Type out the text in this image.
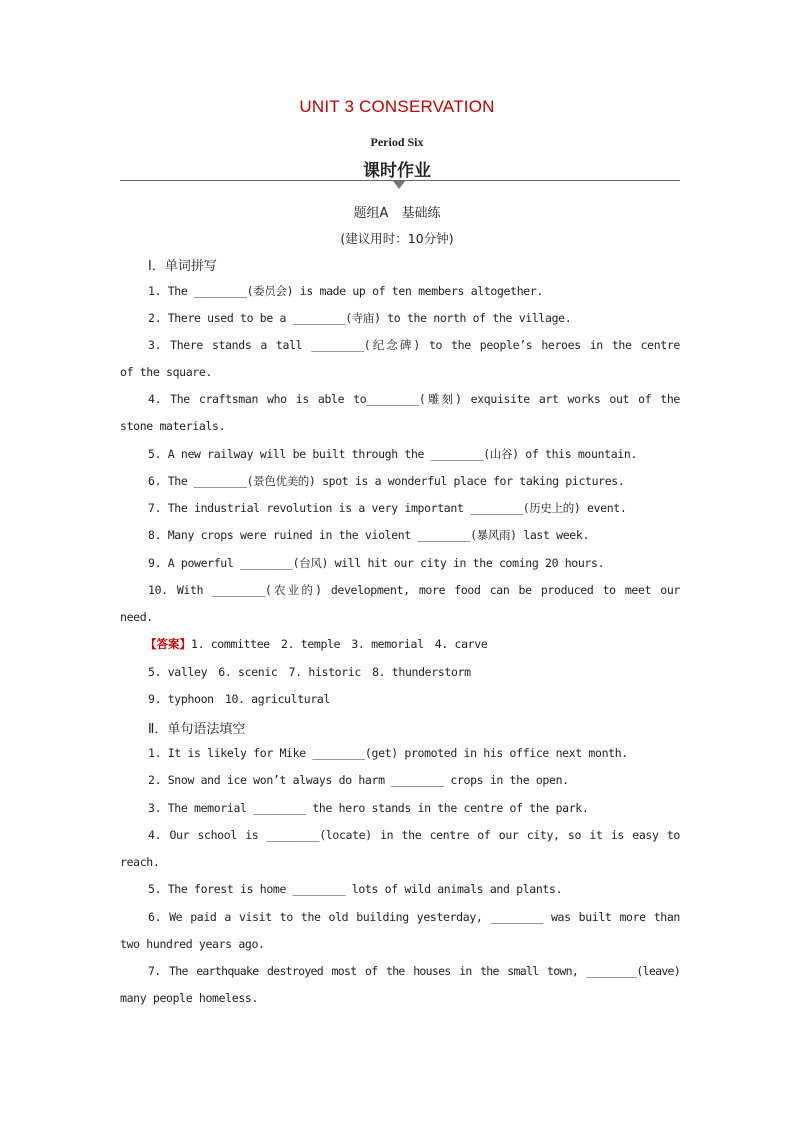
UNIT 3 CONSERVATION
Period Six
课时作业
题组A　基础练
(建议用时：10分钟)
Ⅰ．单词拼写
1. The ________(委员会) is made up of ten members altogether.
2. There used to be a ________(寺庙) to the north of the village.
3. There stands a tall ________(纪念碑) to the people’s heroes in the centre
of the square.
4. The craftsman who is able to________(雕刻) exquisite art works out of the
stone materials.
5. A new railway will be built through the ________(山谷) of this mountain.
6. The ________(景色优美的) spot is a wonderful place for taking pictures.
7. The industrial revolution is a very important ________(历史上的) event.
8. Many crops were ruined in the violent ________(暴风雨) last week.
9. A powerful ________(台风) will hit our city in the coming 20 hours.
10. With ________(农业的) development, more food can be produced to meet our
need.
【答案】1. committee　2. temple　3. memorial　4. carve
5. valley　6. scenic　7. historic　8. thunderstorm
9. typhoon　10. agricultural
Ⅱ．单句语法填空
1. It is likely for Mike ________(get) promoted in his office next month.
2. Snow and ice won’t always do harm ________ crops in the open.
3. The memorial ________ the hero stands in the centre of the park.
4. Our school is ________(locate) in the centre of our city, so it is easy to
reach.
5. The forest is home ________ lots of wild animals and plants.
6. We paid a visit to the old building yesterday, ________ was built more than
two hundred years ago.
7. The earthquake destroyed most of the houses in the small town, ________(leave)
many people homeless.
